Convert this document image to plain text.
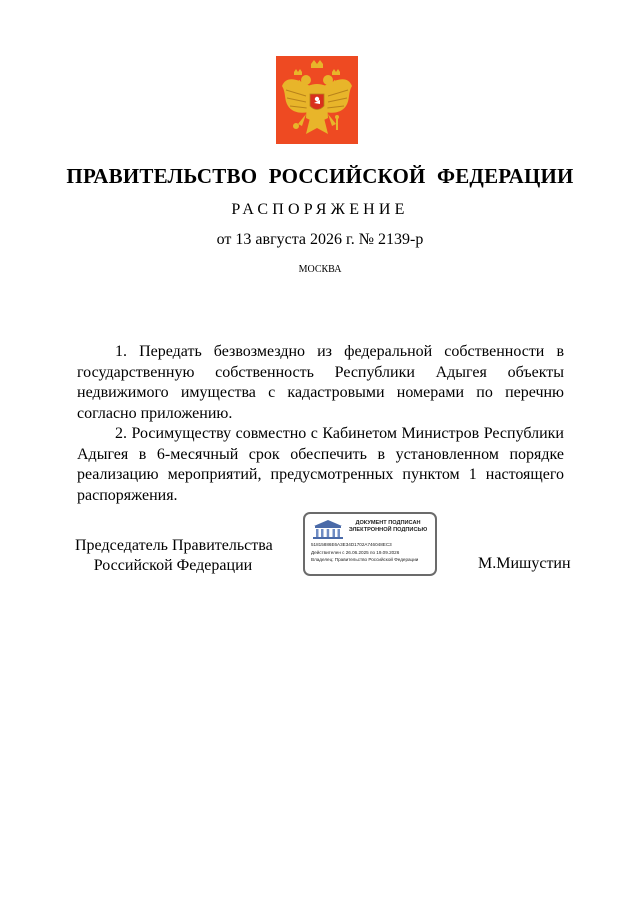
ПРАВИТЕЛЬСТВО РОССИЙСКОЙ ФЕДЕРАЦИИ
РАСПОРЯЖЕНИЕ
от 13 августа 2026 г. № 2139-р
МОСКВА

1. Передать безвозмездно из федеральной собственности в государственную собственность Республики Адыгея объекты недвижимого имущества с кадастровыми номерами по перечню согласно приложению.

2. Росимуществу совместно с Кабинетом Министров Республики Адыгея в 6-месячный срок обеспечить в установленном порядке реализацию мероприятий, предусмотренных пунктом 1 настоящего распоряжения.

Председатель Правительства
Российской Федерации
ДОКУМЕНТ ПОДПИСАН ЭЛЕКТРОННОЙ ПОДПИСЬЮ
51815886E6A3E34D1702A746048EC3
Действителен с 26.06.2025 по 19.09.2026
Владелец: Правительство Российской Федерации	М.Мишустин
